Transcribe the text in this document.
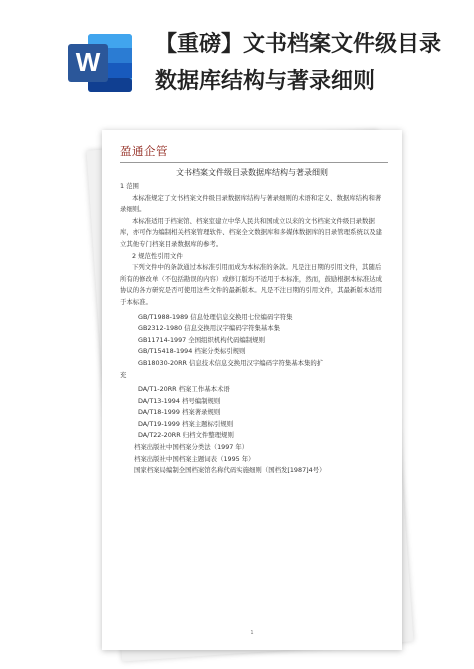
W
【重磅】文书档案文件级目录
数据库结构与著录细则
盈通企管
文书档案文件级目录数据库结构与著录细则

1 范围

本标准规定了文书档案文件级目录数据库结构与著录细则的术语和定义、数据库结构和著录细则。

本标准适用于档案馆、档案室建立中华人民共和国成立以来的文书档案文件级目录数据库，亦可作为编制相关档案管理软件、档案全文数据库和多媒体数据库的目录管理系统以及建立其他专门档案目录数据库的参考。

2 规范性引用文件

下列文件中的条款通过本标准引用而成为本标准的条款。凡是注日期的引用文件，其随后所有的修改单（不包括勘误的内容）或修订版均不适用于本标准，然而，鼓励根据本标准达成协议的各方研究是否可使用这些文件的最新版本。凡是不注日期的引用文件，其最新版本适用于本标准。

GB/T1988-1989 信息处理信息交换用七位编码字符集

GB2312-1980 信息交换用汉字编码字符集基本集

GB11714-1997 全国组织机构代码编制规则

GB/T15418-1994 档案分类标引规则

GB18030-20RR 信息技术信息交换用汉字编码字符集基本集的扩

充

DA/T1-20RR 档案工作基本术语

DA/T13-1994 档号编制规则

DA/T18-1999 档案著录规则

DA/T19-1999 档案主题标引规则

DA/T22-20RR 归档文件整理规则

档案出版社中国档案分类法（1997 年）

档案出版社中国档案主题词表（1995 年）

国家档案局编制全国档案馆名称代码实施细则（国档发[1987]4号）

1
